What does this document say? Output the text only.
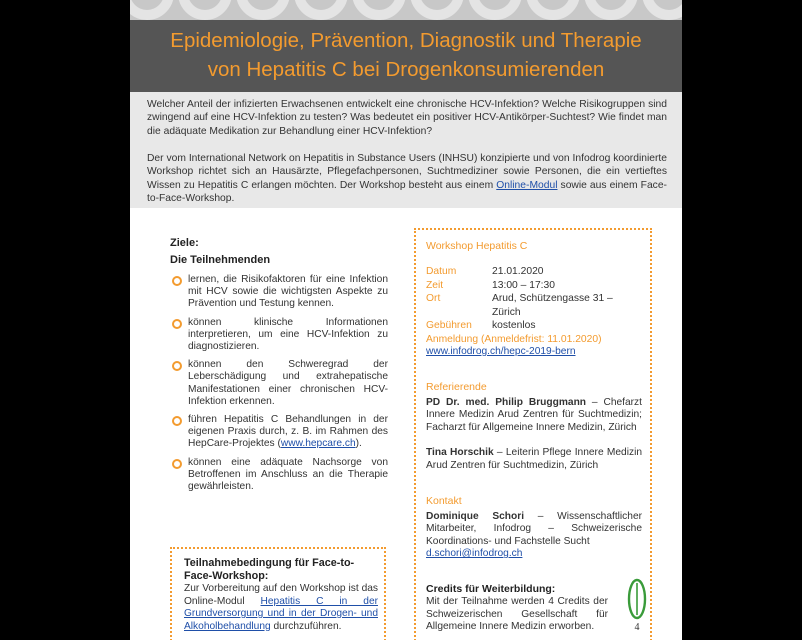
Epidemiologie, Prävention, Diagnostik und Therapie
von Hepatitis C bei Drogenkonsumierenden

Welcher Anteil der infizierten Erwachsenen entwickelt eine chronische HCV-Infektion? Welche Risikogruppen sind zwingend auf eine HCV-Infektion zu testen? Was bedeutet ein positiver HCV-Antikörper-Suchtest? Wie findet man die adäquate Medikation zur Behandlung einer HCV-Infektion?

Der vom International Network on Hepatitis in Substance Users (INHSU) konzipierte und von Infodrog koordinierte Workshop richtet sich an Hausärzte, Pflegefachpersonen, Suchtmediziner sowie Personen, die ein vertieftes Wissen zu Hepatitis C erlangen möchten. Der Workshop besteht aus einem Online-Modul sowie aus einem Face-to-Face-Workshop.

Ziele:
Die Teilnehmenden
lernen, die Risikofaktoren für eine Infektion mit HCV sowie die wichtigsten Aspekte zu Prävention und Testung kennen.
können klinische Informationen interpretieren, um eine HCV-Infektion zu diagnostizieren.
können den Schweregrad der Leberschädigung und extrahepatische Manifestationen einer chronischen HCV-Infektion erkennen.
führen Hepatitis C Behandlungen in der eigenen Praxis durch, z. B. im Rahmen des HepCare-Projektes (www.hepcare.ch).
können eine adäquate Nachsorge von Betroffenen im Anschluss an die Therapie gewährleisten.

Teilnahmebedingung für Face-to-Face-Workshop:

Zur Vorbereitung auf den Workshop ist das Online-Modul Hepatitis C in der Grundversorgung und in der Drogen- und Alkoholbehandlung durchzuführen.

Workshop Hepatitis C

Datum	21.01.2020
Zeit	13:00 – 17:30
Ort	Arud, Schützengasse 31 – Zürich
Gebühren	kostenlos

Anmeldung (Anmeldefrist: 11.01.2020)

www.infodrog.ch/hepc-2019-bern

Referierende

PD Dr. med. Philip Bruggmann – Chefarzt Innere Medizin Arud Zentren für Suchtmedizin; Facharzt für Allgemeine Innere Medizin, Zürich

Tina Horschik – Leiterin Pflege Innere Medizin Arud Zentren für Suchtmedizin, Zürich

Kontakt

Dominique Schori – Wissenschaftlicher Mitarbeiter, Infodrog – Schweizerische Koordinations- und Fachstelle Sucht

d.schori@infodrog.ch

Credits für Weiterbildung:

Mit der Teilnahme werden 4 Credits der Schweizerischen Gesellschaft für Allgemeine Innere Medizin erworben.	4
